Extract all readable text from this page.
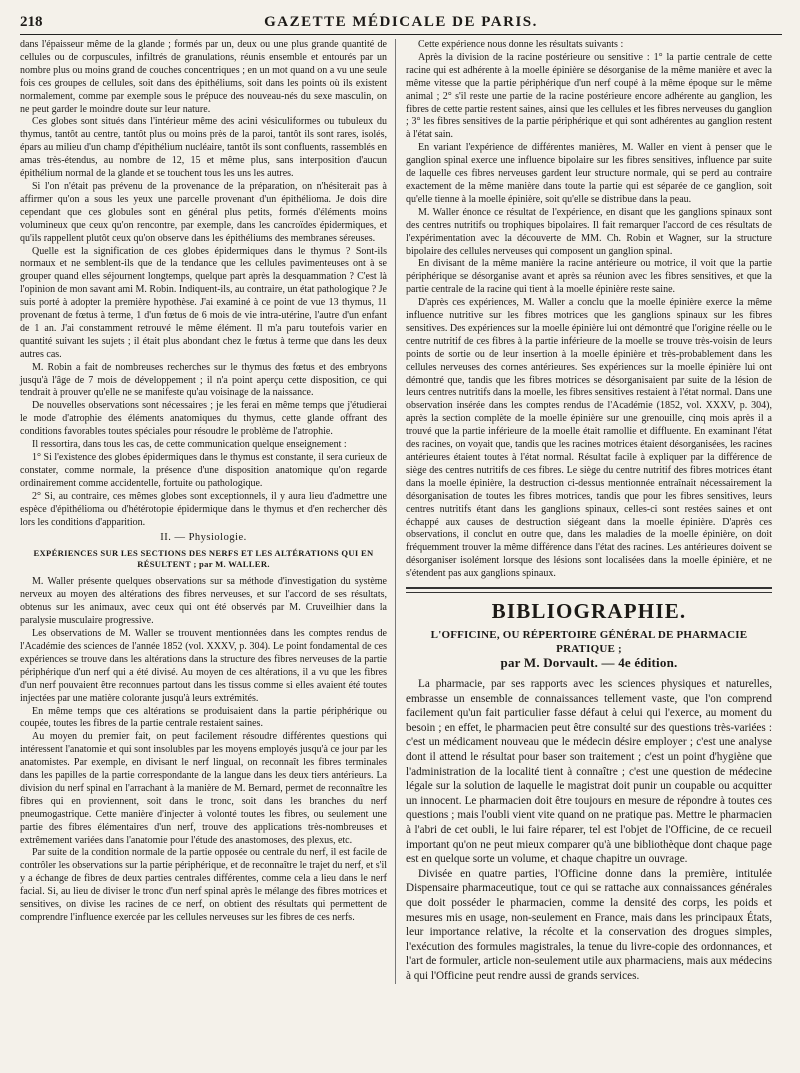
218	GAZETTE MÉDICALE DE PARIS.

dans l'épaisseur même de la glande ; formés par un, deux ou une plus grande quantité de cellules ou de corpuscules, infiltrés de granulations, réunis ensemble et entourés par un nombre plus ou moins grand de couches concentriques ; en un mot quand on a vu une seule fois ces groupes de cellules, soit dans des épithéliums, soit dans les points où ils existent normalement, comme par exemple sous le prépuce des nouveau-nés du sexe masculin, on ne peut garder le moindre doute sur leur nature.

Ces globes sont situés dans l'intérieur même des acini vésiculiformes ou tubuleux du thymus, tantôt au centre, tantôt plus ou moins près de la paroi, tantôt ils sont rares, isolés, épars au milieu d'un champ d'épithélium nucléaire, tantôt ils sont confluents, rassemblés en amas très-étendus, au nombre de 12, 15 et même plus, sans interposition d'aucun épithélium normal de la glande et se touchent tous les uns les autres.

Si l'on n'était pas prévenu de la provenance de la préparation, on n'hésiterait pas à affirmer qu'on a sous les yeux une parcelle provenant d'un épithélioma. Je dois dire cependant que ces globules sont en général plus petits, formés d'éléments moins volumineux que ceux qu'on rencontre, par exemple, dans les cancroïdes épidermiques, et qu'ils rappellent plutôt ceux qu'on observe dans les épithéliums des membranes séreuses.

Quelle est la signification de ces globes épidermiques dans le thymus ? Sont-ils normaux et ne semblent-ils que de la tendance que les cellules pavimenteuses ont à se grouper quand elles séjournent longtemps, quelque part après la desquammation ? C'est là l'opinion de mon savant ami M. Robin. Indiquent-ils, au contraire, un état pathologique ? Je suis porté à adopter la première hypothèse. J'ai examiné à ce point de vue 13 thymus, 11 provenant de fœtus à terme, 1 d'un fœtus de 6 mois de vie intra-utérine, l'autre d'un enfant de 1 an. J'ai constamment retrouvé le même élément. Il m'a paru toutefois varier en quantité suivant les sujets ; il était plus abondant chez le fœtus à terme que dans les deux autres cas.

M. Robin a fait de nombreuses recherches sur le thymus des fœtus et des embryons jusqu'à l'âge de 7 mois de développement ; il n'a point aperçu cette disposition, ce qui tendrait à prouver qu'elle ne se manifeste qu'au voisinage de la naissance.

De nouvelles observations sont nécessaires ; je les ferai en même temps que j'étudierai le mode d'atrophie des éléments anatomiques du thymus, cette glande offrant des conditions favorables toutes spéciales pour résoudre le problème de l'atrophie.

Il ressortira, dans tous les cas, de cette communication quelque enseignement :

1° Si l'existence des globes épidermiques dans le thymus est constante, il sera curieux de constater, comme normale, la présence d'une disposition anatomique qu'on regarde ordinairement comme accidentelle, fortuite ou pathologique.

2° Si, au contraire, ces mêmes globes sont exceptionnels, il y aura lieu d'admettre une espèce d'épithélioma ou d'hétérotopie épidermique dans le thymus et d'en rechercher dès lors les conditions d'apparition.

II. — Physiologie.
EXPÉRIENCES SUR LES SECTIONS DES NERFS ET LES ALTÉRATIONS QUI EN RÉSULTENT ; par M. WALLER.

M. Waller présente quelques observations sur sa méthode d'investigation du système nerveux au moyen des altérations des fibres nerveuses, et sur l'accord de ses résultats, obtenus sur les animaux, avec ceux qui ont été observés par M. Cruveilhier dans la paralysie musculaire progressive.

Les observations de M. Waller se trouvent mentionnées dans les comptes rendus de l'Académie des sciences de l'année 1852 (vol. XXXV, p. 304). Le point fondamental de ces expériences se trouve dans les altérations dans la structure des fibres nerveuses de la partie périphérique d'un nerf qui a été divisé. Au moyen de ces altérations, il a vu que les fibres d'un nerf pouvaient être reconnues partout dans les tissus comme si elles avaient été toutes injectées par une matière colorante jusqu'à leurs extrémités.

En même temps que ces altérations se produisaient dans la partie périphérique ou coupée, toutes les fibres de la partie centrale restaient saines.

Au moyen du premier fait, on peut facilement résoudre différentes questions qui intéressent l'anatomie et qui sont insolubles par les moyens employés jusqu'à ce jour par les anatomistes. Par exemple, en divisant le nerf lingual, on reconnaît les fibres terminales dans les papilles de la partie correspondante de la langue dans les deux tiers antérieurs. La division du nerf spinal en l'arrachant à la manière de M. Bernard, permet de reconnaître les fibres qui en proviennent, soit dans le tronc, soit dans les branches du nerf pneumogastrique. Cette manière d'injecter à volonté toutes les fibres, ou seulement une partie des fibres élémentaires d'un nerf, trouve des applications très-nombreuses et extrêmement variées dans l'anatomie pour l'étude des anastomoses, des plexus, etc.

Par suite de la condition normale de la partie opposée ou centrale du nerf, il est facile de contrôler les observations sur la partie périphérique, et de reconnaître le trajet du nerf, et s'il y a échange de fibres de deux parties centrales différentes, comme cela a lieu dans le nerf facial. Si, au lieu de diviser le tronc d'un nerf spinal après le mélange des fibres motrices et sensitives, on divise les racines de ce nerf, on obtient des résultats qui permettent de comprendre l'influence exercée par les cellules nerveuses sur les fibres de ces nerfs.

Cette expérience nous donne les résultats suivants :

Après la division de la racine postérieure ou sensitive : 1° la partie centrale de cette racine qui est adhérente à la moelle épinière se désorganise de la même manière et avec la même vitesse que la partie périphérique d'un nerf coupé à la même époque sur le même animal ; 2° s'il reste une partie de la racine postérieure encore adhérente au ganglion, les fibres de cette partie restent saines, ainsi que les cellules et les fibres nerveuses du ganglion ; 3° les fibres sensitives de la partie périphérique et qui sont adhérentes au ganglion restent à l'état sain.

En variant l'expérience de différentes manières, M. Waller en vient à penser que le ganglion spinal exerce une influence bipolaire sur les fibres sensitives, influence par suite de laquelle ces fibres nerveuses gardent leur structure normale, qui se perd au contraire exactement de la même manière dans toute la partie qui est séparée de ce ganglion, soit qu'elle tienne à la moelle épinière, soit qu'elle se distribue dans la peau.

M. Waller énonce ce résultat de l'expérience, en disant que les ganglions spinaux sont des centres nutritifs ou trophiques bipolaires. Il fait remarquer l'accord de ces résultats de l'expérimentation avec la découverte de MM. Ch. Robin et Wagner, sur la structure bipolaire des cellules nerveuses qui composent un ganglion spinal.

En divisant de la même manière la racine antérieure ou motrice, il voit que la partie périphérique se désorganise avant et après sa réunion avec les fibres sensitives, et que la partie centrale de la racine qui tient à la moelle épinière reste saine.

D'après ces expériences, M. Waller a conclu que la moelle épinière exerce la même influence nutritive sur les fibres motrices que les ganglions spinaux sur les fibres sensitives. Des expériences sur la moelle épinière lui ont démontré que l'origine réelle ou le centre nutritif de ces fibres à la partie inférieure de la moelle se trouve très-voisin de leurs points de sortie ou de leur insertion à la moelle épinière et très-probablement dans les cellules nerveuses des cornes antérieures. Ses expériences sur la moelle épinière lui ont démontré que, tandis que les fibres motrices se désorganisaient par suite de la lésion de leurs centres nutritifs dans la moelle, les fibres sensitives restaient à l'état normal. Dans une observation insérée dans les comptes rendus de l'Académie (1852, vol. XXXV, p. 304), après la section complète de la moelle épinière sur une grenouille, cinq mois après il a trouvé que la partie inférieure de la moelle était ramollie et diffluente. En examinant l'état des racines, on voyait que, tandis que les racines motrices étaient désorganisées, les racines antérieures étaient toutes à l'état normal. Résultat facile à expliquer par la différence de siège des centres nutritifs de ces fibres. Le siège du centre nutritif des fibres motrices étant dans la moelle épinière, la destruction ci-dessus mentionnée entraînait nécessairement la désorganisation de toutes les fibres motrices, tandis que pour les fibres sensitives, leurs centres nutritifs étant dans les ganglions spinaux, celles-ci sont restées saines et ont échappé aux causes de destruction siégeant dans la moelle épinière. D'après ces observations, il conclut en outre que, dans les maladies de la moelle épinière, on doit fréquemment trouver la même différence dans l'état des racines. Les antérieures doivent se désorganiser isolément lorsque des lésions sont localisées dans la moelle épinière, et ne s'étendent pas aux ganglions spinaux.

BIBLIOGRAPHIE.
L'OFFICINE, OU RÉPERTOIRE GÉNÉRAL DE PHARMACIE PRATIQUE ;
par M. Dorvault. — 4e édition.

La pharmacie, par ses rapports avec les sciences physiques et naturelles, embrasse un ensemble de connaissances tellement vaste, que l'on comprend facilement qu'un fait particulier fasse défaut à celui qui l'exerce, au moment du besoin ; en effet, le pharmacien peut être consulté sur des questions très-variées : c'est un médicament nouveau que le médecin désire employer ; c'est une analyse dont il attend le résultat pour baser son traitement ; c'est un point d'hygiène que l'administration de la localité tient à connaître ; c'est une question de médecine légale sur la solution de laquelle le magistrat doit punir un coupable ou acquitter un innocent. Le pharmacien doit être toujours en mesure de répondre à toutes ces questions ; mais l'oubli vient vite quand on ne pratique pas. Mettre le pharmacien à l'abri de cet oubli, le lui faire réparer, tel est l'objet de l'Officine, de ce recueil important qu'on ne peut mieux comparer qu'à une bibliothèque dont chaque page est en quelque sorte un volume, et chaque chapitre un ouvrage.

Divisée en quatre parties, l'Officine donne dans la première, intitulée Dispensaire pharmaceutique, tout ce qui se rattache aux connaissances générales que doit posséder le pharmacien, comme la densité des corps, les poids et mesures mis en usage, non-seulement en France, mais dans les principaux États, leur importance relative, la récolte et la conservation des drogues simples, l'exécution des formules magistrales, la tenue du livre-copie des ordonnances, et l'art de formuler, article non-seulement utile aux pharmaciens, mais aux médecins à qui l'Officine peut rendre aussi de grands services.
